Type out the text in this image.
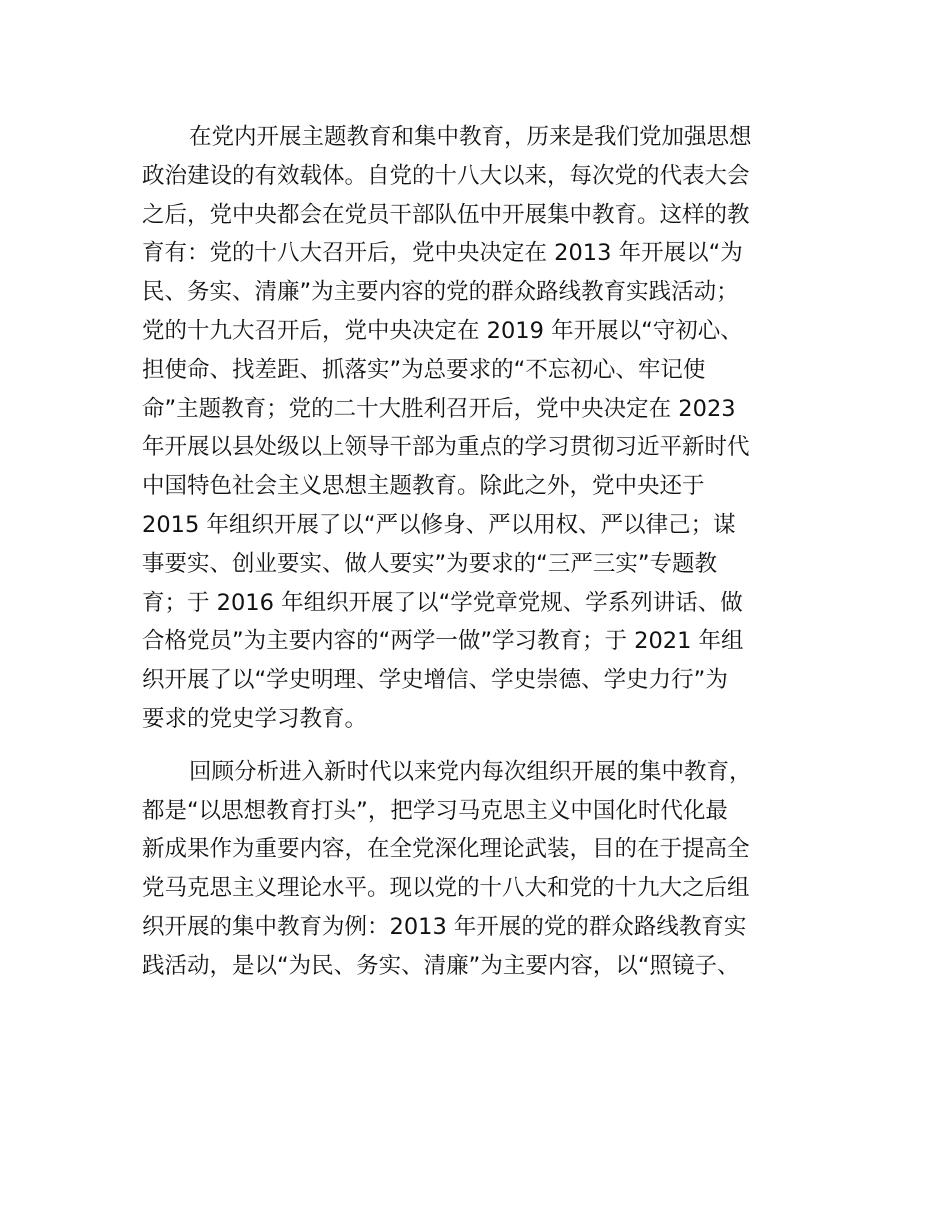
在党内开展主题教育和集中教育，历来是我们党加强思想
政治建设的有效载体。自党的十八大以来，每次党的代表大会
之后，党中央都会在党员干部队伍中开展集中教育。这样的教
育有：党的十八大召开后，党中央决定在 2013 年开展以“为
民、务实、清廉”为主要内容的党的群众路线教育实践活动；
党的十九大召开后，党中央决定在 2019 年开展以“守初心、
担使命、找差距、抓落实”为总要求的“不忘初心、牢记使
命”主题教育；党的二十大胜利召开后，党中央决定在 2023
年开展以县处级以上领导干部为重点的学习贯彻习近平新时代
中国特色社会主义思想主题教育。除此之外，党中央还于
2015 年组织开展了以“严以修身、严以用权、严以律己；谋
事要实、创业要实、做人要实”为要求的“三严三实”专题教
育；于 2016 年组织开展了以“学党章党规、学系列讲话、做
合格党员”为主要内容的“两学一做”学习教育；于 2021 年组
织开展了以“学史明理、学史增信、学史崇德、学史力行”为
要求的党史学习教育。
回顾分析进入新时代以来党内每次组织开展的集中教育，
都是“以思想教育打头”，把学习马克思主义中国化时代化最
新成果作为重要内容，在全党深化理论武装，目的在于提高全
党马克思主义理论水平。现以党的十八大和党的十九大之后组
织开展的集中教育为例：2013 年开展的党的群众路线教育实
践活动，是以“为民、务实、清廉”为主要内容，以“照镜子、
